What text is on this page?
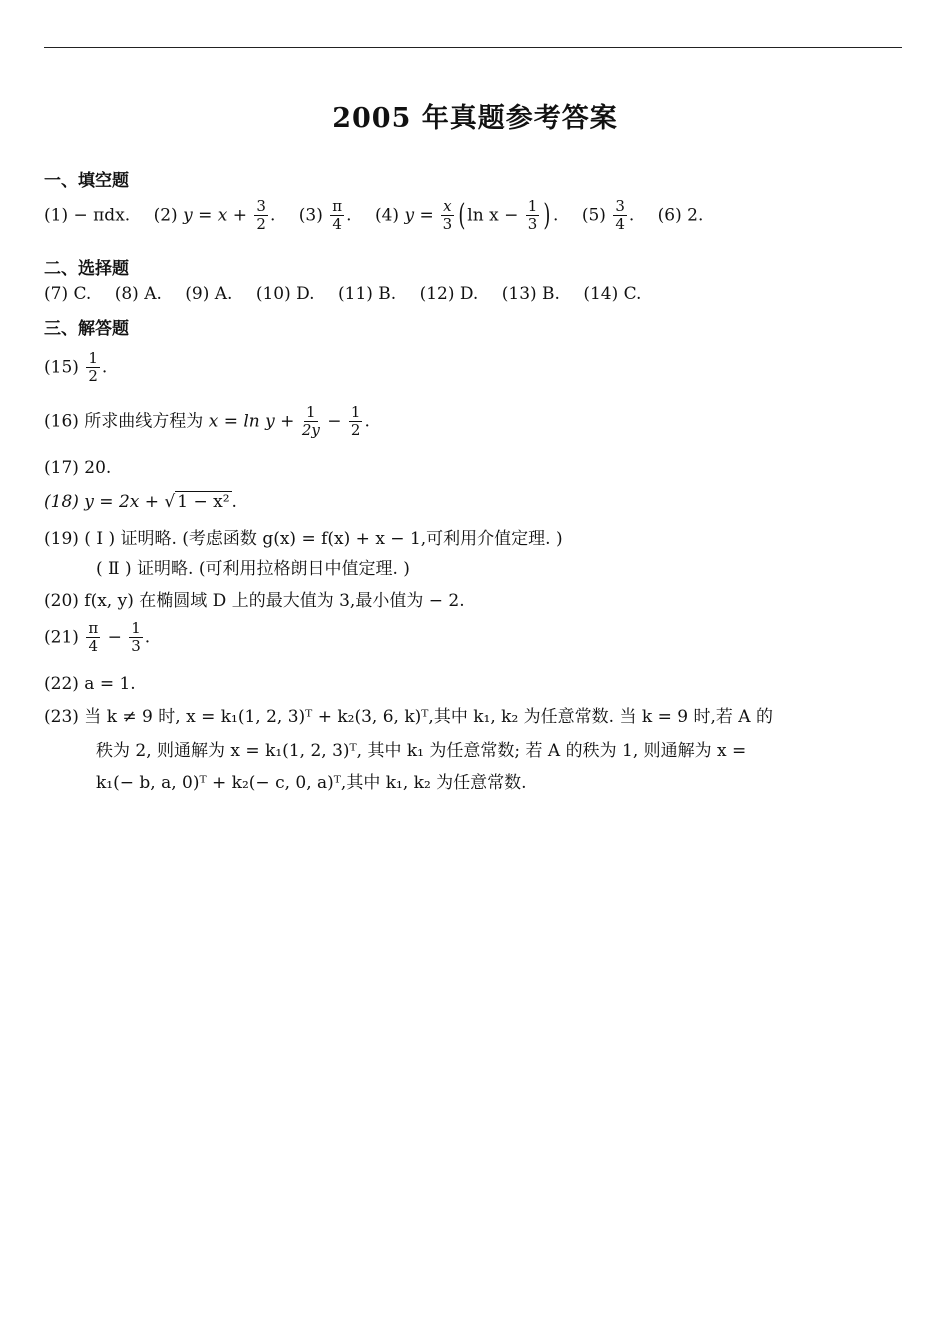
2005 年真题参考答案
一、填空题
(1) − πdx. (2) $y = x + \frac{3}{2}$ . $(3) \frac{\pi}{4}$ . (4) $y = \frac{x}{3}$ ( $\ln x - \frac{1}{3}$ ) . $(5) \frac{3}{4}$ . (6) 2.
二、选择题
(7) C. (8) A. (9) A. (10) D. (11) B. (12) D. (13) B. (14) C.
三、解答题
$(15) \frac{1}{2}$ .
(16) 所求曲线方程为 $x = \ln y + \frac{1}{2y} - \frac{1}{2}$ .
(17) 20.
(18) y = 2x + √ 1 − x² .
(19) ( Ⅰ ) 证明略. (考虑函数 g(x) = f(x) + x − 1,可利用介值定理. )
( Ⅱ ) 证明略. (可利用拉格朗日中值定理. )
(20) f(x, y) 在椭圆域 D 上的最大值为 3,最小值为 − 2.
$(21) \frac{\pi}{4} - \frac{1}{3}$ .
(22) a = 1.
(23) 当 k ≠ 9 时, x = k₁(1, 2, 3)ᵀ + k₂(3, 6, k)ᵀ,其中 k₁, k₂ 为任意常数. 当 k = 9 时,若 A 的
秩为 2, 则通解为 x = k₁(1, 2, 3)ᵀ, 其中 k₁ 为任意常数; 若 A 的秩为 1, 则通解为 x =
k₁(− b, a, 0)ᵀ + k₂(− c, 0, a)ᵀ,其中 k₁, k₂ 为任意常数.
